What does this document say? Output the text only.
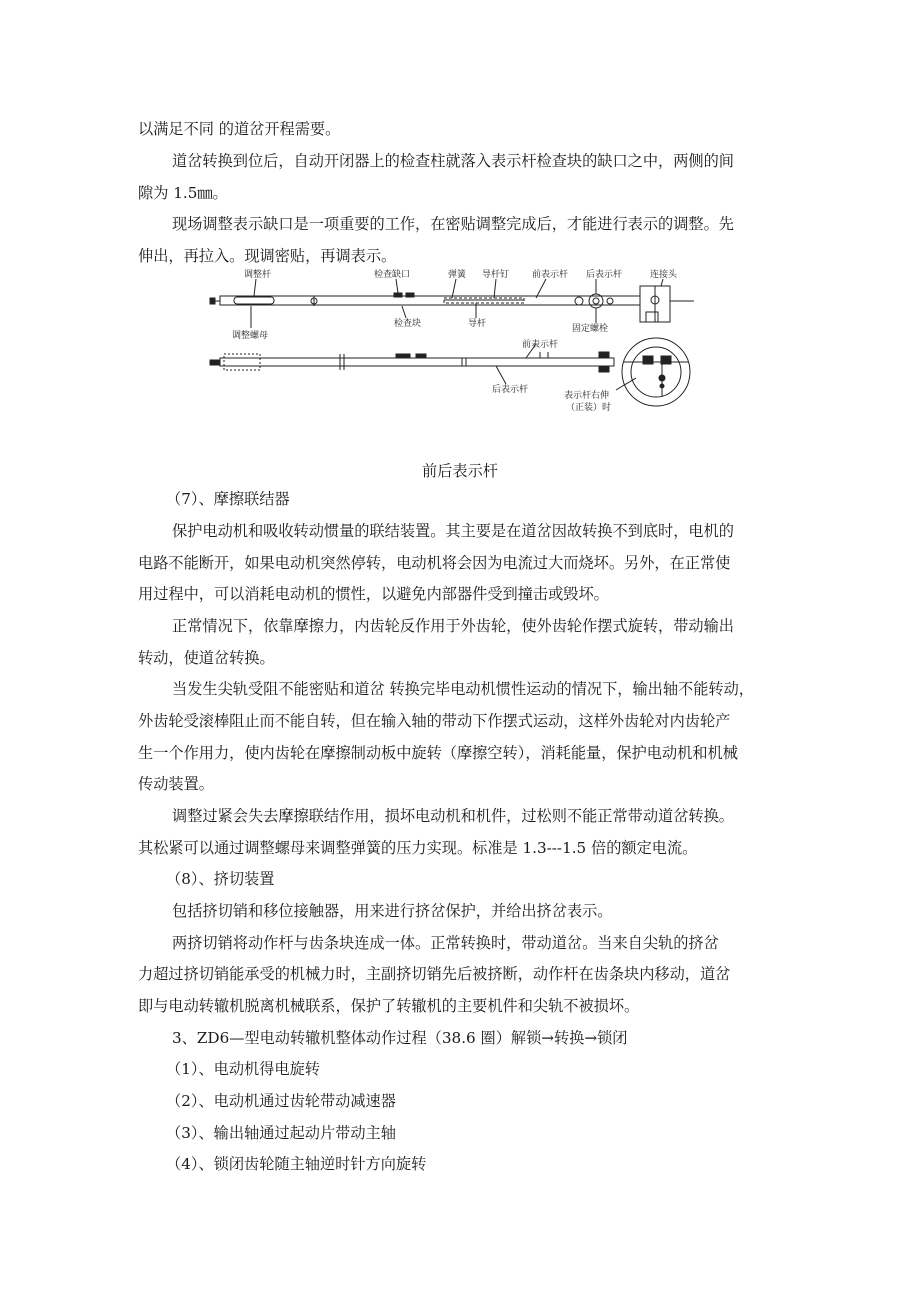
以满足不同 的道岔开程需要。
道岔转换到位后，自动开闭器上的检查柱就落入表示杆检查块的缺口之中，两侧的间
隙为 1.5㎜。
现场调整表示缺口是一项重要的工作，在密贴调整完成后，才能进行表示的调整。先
伸出，再拉入。现调密贴，再调表示。
调整杆	检查缺口	弹簧 导杆钉	前表示杆 后表示杆	连接头
检查块	导杆
调整螺母
固定螺栓
前表示杆
后表示杆
表示杆右伸
（正装）时
前后表示杆
（7）、摩擦联结器
保护电动机和吸收转动惯量的联结装置。其主要是在道岔因故转换不到底时，电机的
电路不能断开，如果电动机突然停转，电动机将会因为电流过大而烧坏。另外，在正常使
用过程中，可以消耗电动机的惯性，以避免内部器件受到撞击或毁坏。
正常情况下，依靠摩擦力，内齿轮反作用于外齿轮，使外齿轮作摆式旋转，带动输出
转动，使道岔转换。
当发生尖轨受阻不能密贴和道岔 转换完毕电动机惯性运动的情况下，输出轴不能转动，
外齿轮受滚棒阻止而不能自转，但在输入轴的带动下作摆式运动，这样外齿轮对内齿轮产
生一个作用力，使内齿轮在摩擦制动板中旋转（摩擦空转），消耗能量，保护电动机和机械
传动装置。
调整过紧会失去摩擦联结作用，损坏电动机和机件，过松则不能正常带动道岔转换。
其松紧可以通过调整螺母来调整弹簧的压力实现。标准是 1.3---1.5 倍的额定电流。
（8）、挤切装置
包括挤切销和移位接触器，用来进行挤岔保护，并给出挤岔表示。
两挤切销将动作杆与齿条块连成一体。正常转换时，带动道岔。当来自尖轨的挤岔
力超过挤切销能承受的机械力时，主副挤切销先后被挤断，动作杆在齿条块内移动，道岔
即与电动转辙机脱离机械联系，保护了转辙机的主要机件和尖轨不被损坏。
3、ZD6—型电动转辙机整体动作过程（38.6 圈）解锁→转换→锁闭
（1）、电动机得电旋转
（2）、电动机通过齿轮带动减速器
（3）、输出轴通过起动片带动主轴
（4）、锁闭齿轮随主轴逆时针方向旋转
